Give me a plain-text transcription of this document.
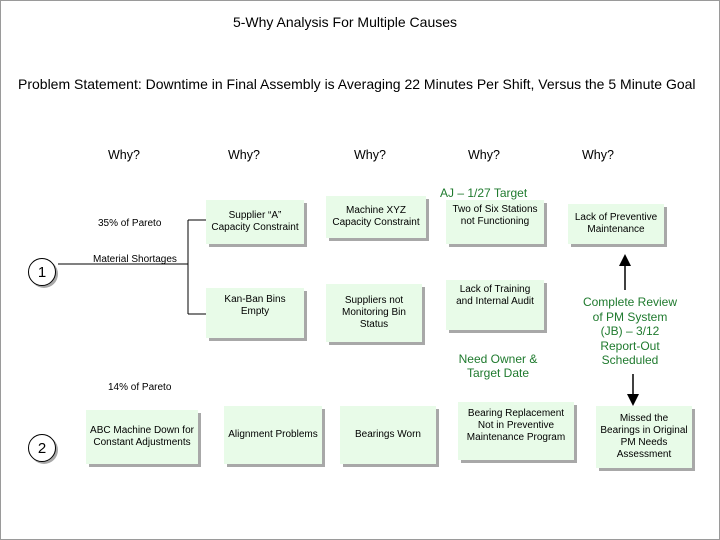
5-Why Analysis For Multiple Causes
Problem Statement: Downtime in Final Assembly is Averaging 22 Minutes Per Shift, Versus the 5 Minute Goal
Why?	Why?	Why?	Why?	Why?
AJ – 1/27 Target
1
35% of Pareto
Material Shortages
Supplier “A” Capacity Constraint
Machine XYZ Capacity Constraint
Two of Six Stations not Functioning	Lack of Preventive Maintenance
Kan-Ban Bins Empty
Suppliers not Monitoring Bin Status
Lack of Training and Internal Audit
Need Owner & Target Date
Complete Review of PM System (JB) – 3/12 Report-Out Scheduled
14% of Pareto
2
ABC Machine Down for Constant Adjustments
Alignment Problems	Bearings Worn
Bearing Replacement Not in Preventive Maintenance Program
Missed the Bearings in Original PM Needs Assessment
